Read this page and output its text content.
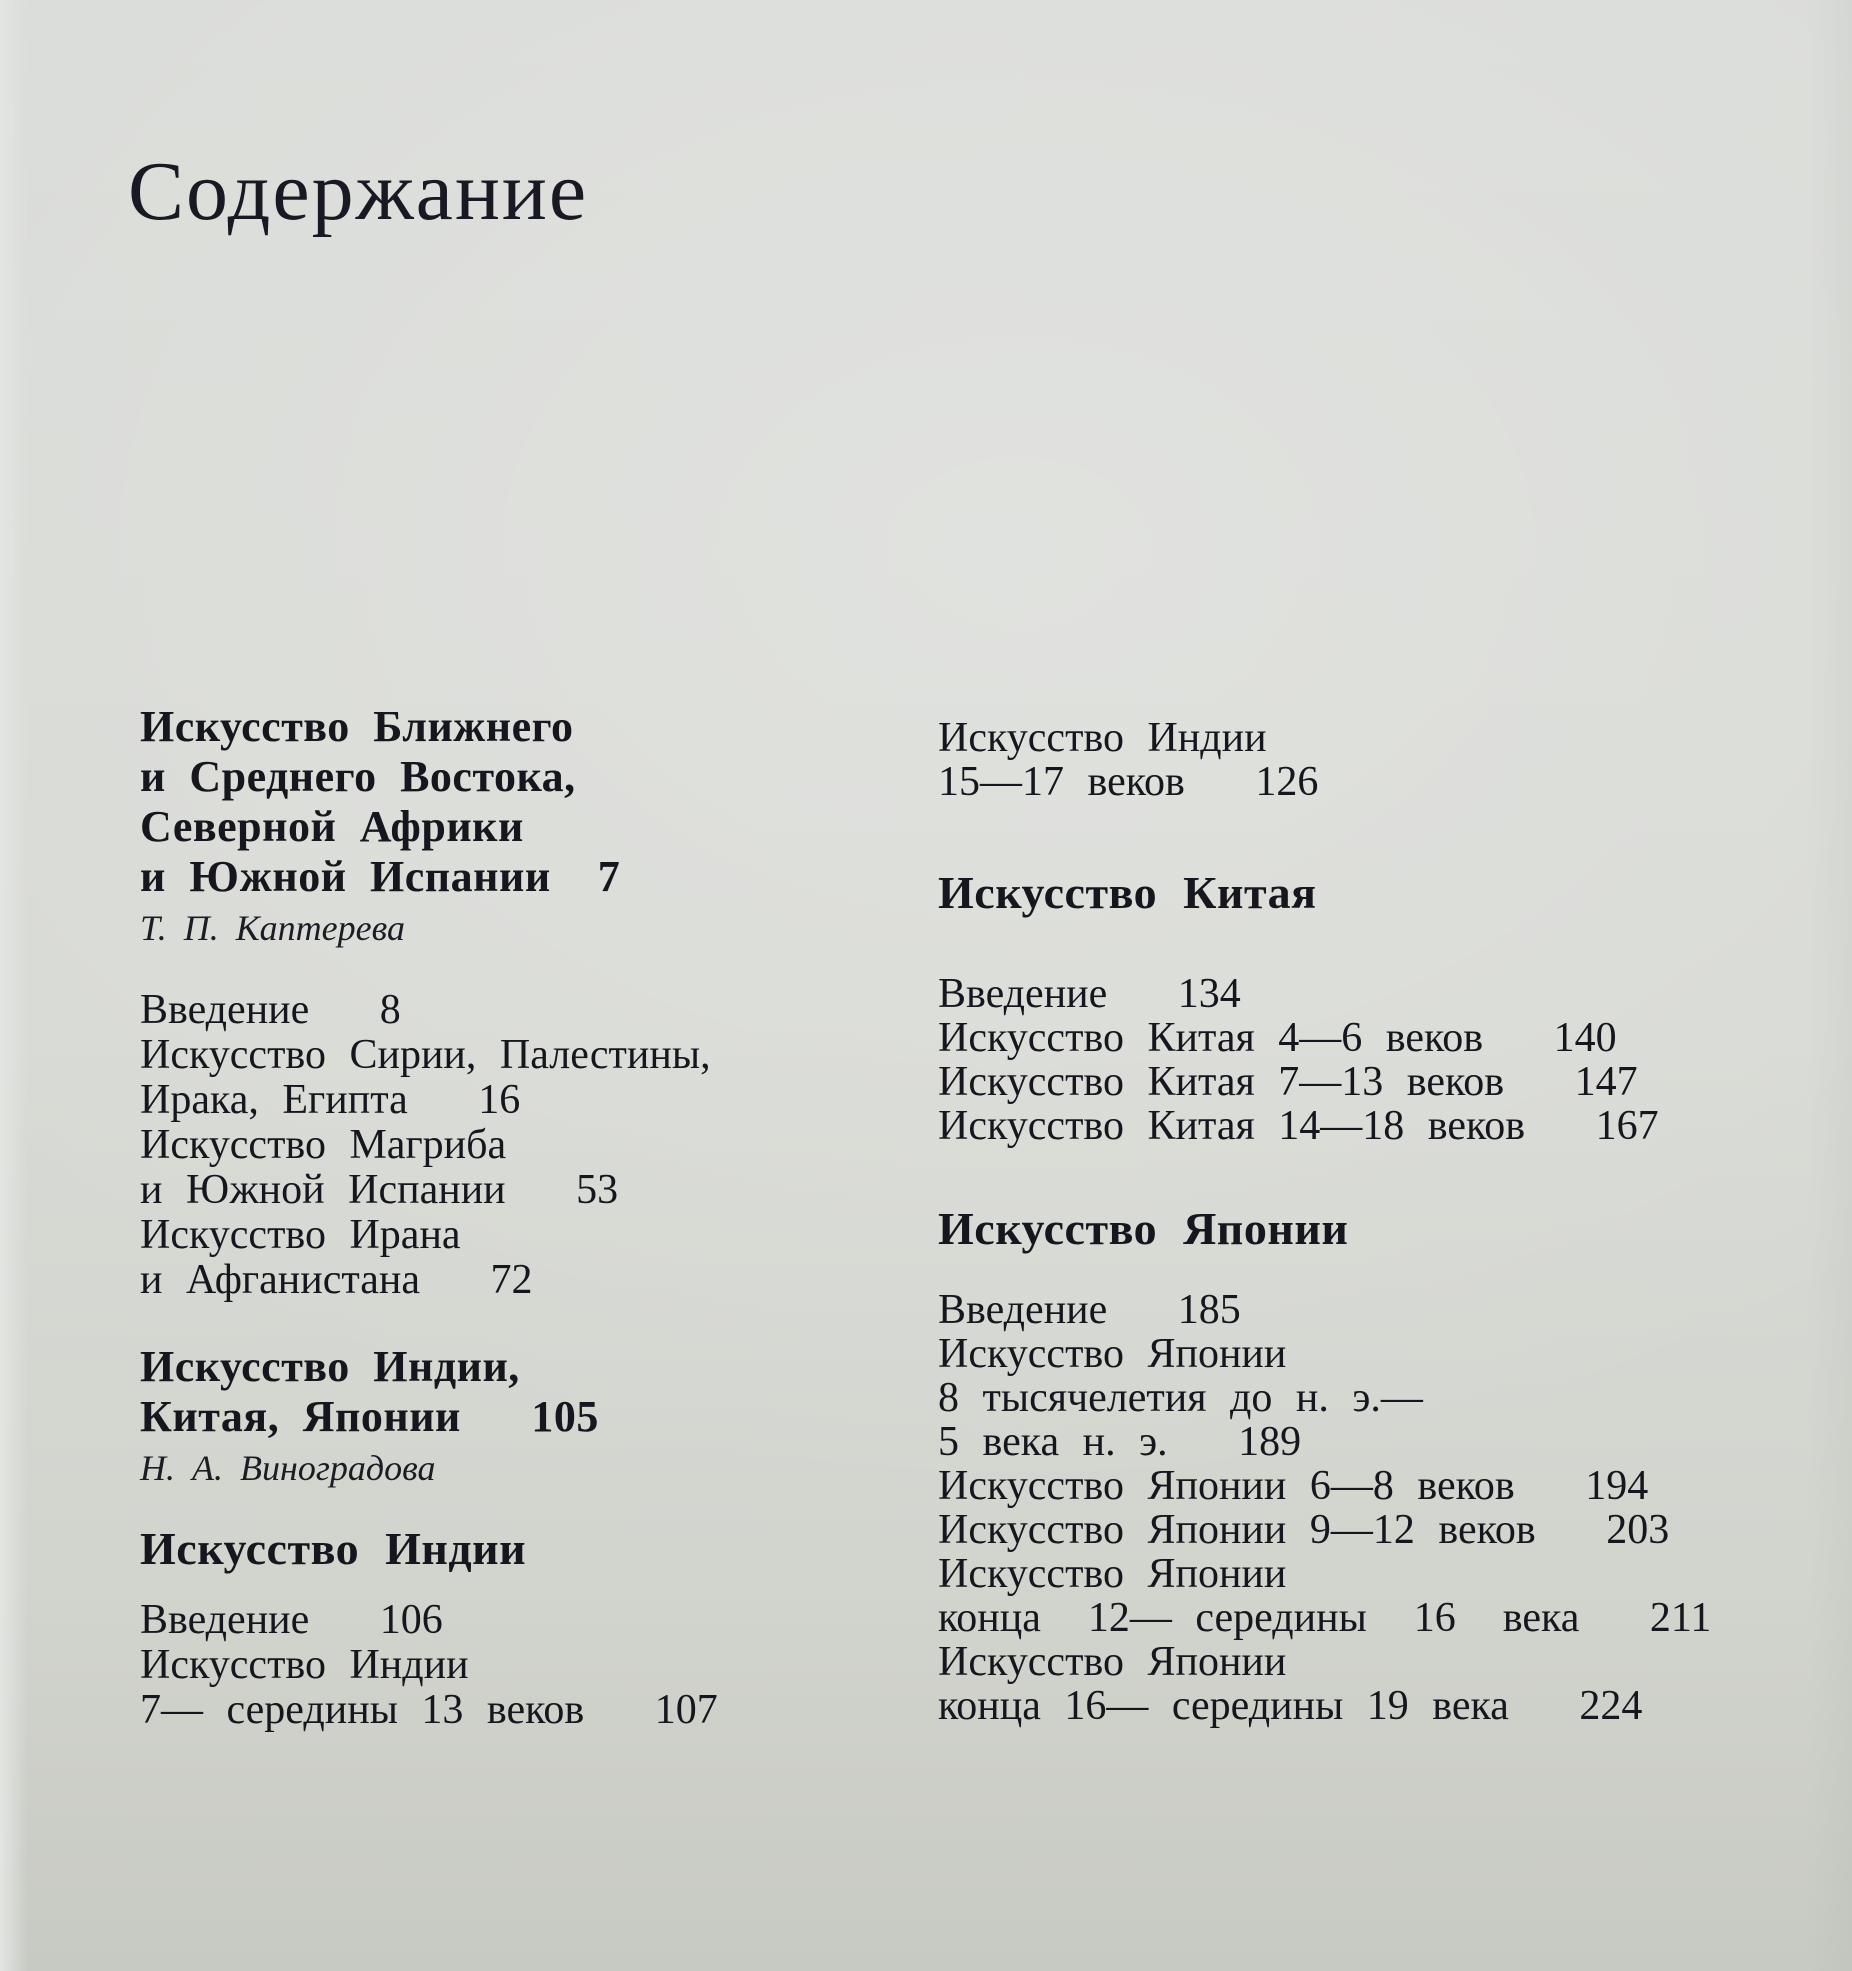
Содержание
Искусство Ближнего
и Среднего Востока,
Северной Африки
и Южной Испании  7
Т. П. Каптерева
Введение   8
Искусство Сирии, Палестины,
Ирака, Египта   16
Искусство Магриба
и Южной Испании   53
Искусство Ирана
и Афганистана   72
Искусство Индии,
Китая, Японии   105
Н. А. Виноградова
Искусство Индии
Введение   106
Искусство Индии
7— середины 13 веков   107
Искусство Индии
15—17 веков   126
Искусство Китая
Введение   134
Искусство Китая 4—6 веков   140
Искусство Китая 7—13 веков   147
Искусство Китая 14—18 веков   167
Искусство Японии
Введение   185
Искусство Японии
8 тысячелетия до н. э.—
5 века н. э.   189
Искусство Японии 6—8 веков   194
Искусство Японии 9—12 веков   203
Искусство Японии
конца  12— середины  16  века   211
Искусство Японии
конца 16— середины 19 века   224
